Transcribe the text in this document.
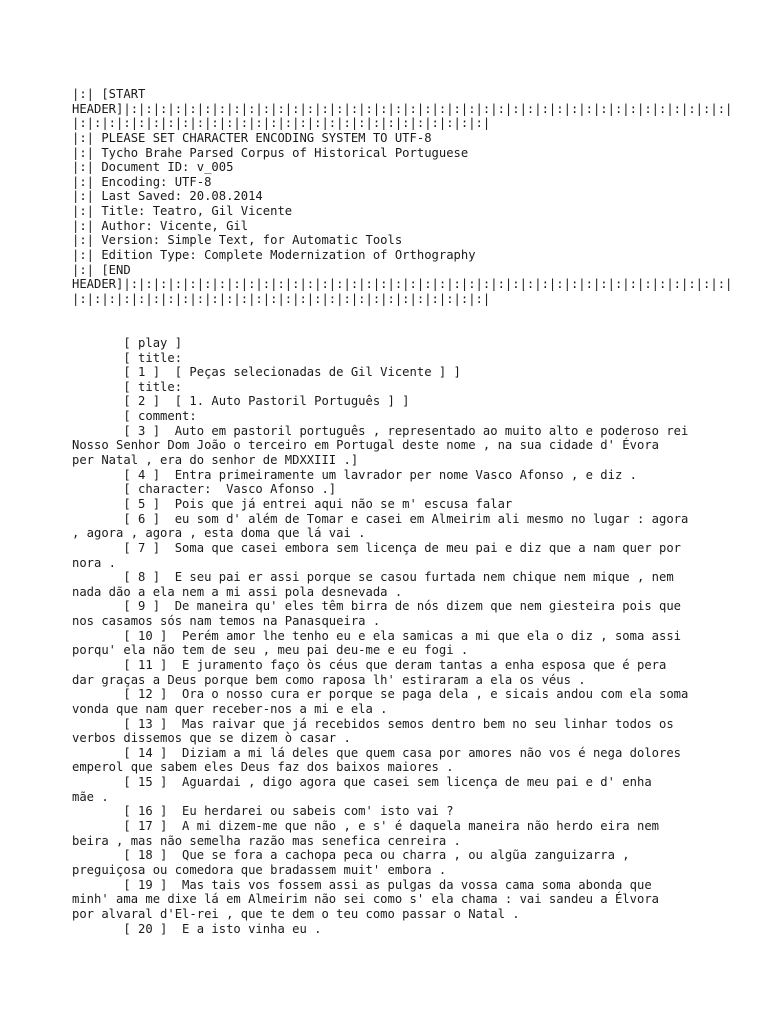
|:| [START
HEADER]|:|:|:|:|:|:|:|:|:|:|:|:|:|:|:|:|:|:|:|:|:|:|:|:|:|:|:|:|:|:|:|:|:|:|:|:|:|:|:|:|:|
|:|:|:|:|:|:|:|:|:|:|:|:|:|:|:|:|:|:|:|:|:|:|:|:|:|:|:|:|
|:| PLEASE SET CHARACTER ENCODING SYSTEM TO UTF-8
|:| Tycho Brahe Parsed Corpus of Historical Portuguese
|:| Document ID: v_005
|:| Encoding: UTF-8
|:| Last Saved: 20.08.2014
|:| Title: Teatro, Gil Vicente
|:| Author: Vicente, Gil
|:| Version: Simple Text, for Automatic Tools
|:| Edition Type: Complete Modernization of Orthography
|:| [END
HEADER]|:|:|:|:|:|:|:|:|:|:|:|:|:|:|:|:|:|:|:|:|:|:|:|:|:|:|:|:|:|:|:|:|:|:|:|:|:|:|:|:|:|
|:|:|:|:|:|:|:|:|:|:|:|:|:|:|:|:|:|:|:|:|:|:|:|:|:|:|:|:|
[ play ]
[ title:
[ 1 ]  [ Peças selecionadas de Gil Vicente ] ]
[ title:
[ 2 ]  [ 1. Auto Pastoril Português ] ]
[ comment:
[ 3 ]  Auto em pastoril português , representado ao muito alto e poderoso rei
Nosso Senhor Dom João o terceiro em Portugal deste nome , na sua cidade d' Évora
per Natal , era do senhor de MDXXIII .]
[ 4 ]  Entra primeiramente um lavrador per nome Vasco Afonso , e diz .
[ character:  Vasco Afonso .]
[ 5 ]  Pois que já entrei aqui não se m' escusa falar
[ 6 ]  eu som d' além de Tomar e casei em Almeirim ali mesmo no lugar : agora
, agora , agora , esta doma que lá vai .
[ 7 ]  Soma que casei embora sem licença de meu pai e diz que a nam quer por
nora .
[ 8 ]  E seu pai er assi porque se casou furtada nem chique nem mique , nem
nada dão a ela nem a mi assi pola desnevada .
[ 9 ]  De maneira qu' eles têm birra de nós dizem que nem giesteira pois que
nos casamos sós nam temos na Panasqueira .
[ 10 ]  Perém amor lhe tenho eu e ela samicas a mi que ela o diz , soma assi
porqu' ela não tem de seu , meu pai deu-me e eu fogi .
[ 11 ]  E juramento faço òs céus que deram tantas a enha esposa que é pera
dar graças a Deus porque bem como raposa lh' estiraram a ela os véus .
[ 12 ]  Ora o nosso cura er porque se paga dela , e sicais andou com ela soma
vonda que nam quer receber-nos a mi e ela .
[ 13 ]  Mas raivar que já recebidos semos dentro bem no seu linhar todos os
verbos dissemos que se dizem ò casar .
[ 14 ]  Diziam a mi lá deles que quem casa por amores não vos é nega dolores
emperol que sabem eles Deus faz dos baixos maiores .
[ 15 ]  Aguardai , digo agora que casei sem licença de meu pai e d' enha
mãe .
[ 16 ]  Eu herdarei ou sabeis com' isto vai ?
[ 17 ]  A mi dizem-me que não , e s' é daquela maneira não herdo eira nem
beira , mas não semelha razão mas senefica cenreira .
[ 18 ]  Que se fora a cachopa peca ou charra , ou algũa zanguizarra ,
preguiçosa ou comedora que bradassem muit' embora .
[ 19 ]  Mas tais vos fossem assi as pulgas da vossa cama soma abonda que
minh' ama me dixe lá em Almeirim não sei como s' ela chama : vai sandeu a Élvora
por alvaral d'El-rei , que te dem o teu como passar o Natal .
[ 20 ]  E a isto vinha eu .
